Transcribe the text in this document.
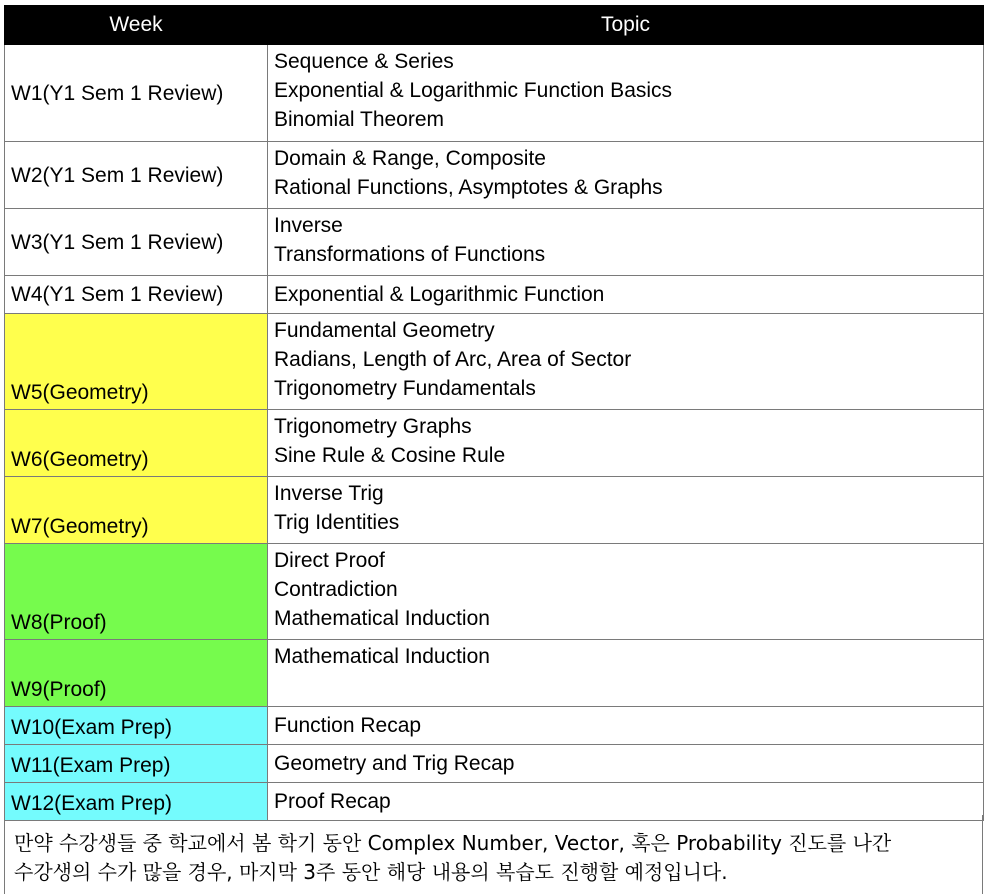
Week	Topic
W1(Y1 Sem 1 Review)	Sequence & Series
Exponential & Logarithmic Function Basics
Binomial Theorem

W2(Y1 Sem 1 Review)	Domain & Range, Composite
Rational Functions, Asymptotes & Graphs

W3(Y1 Sem 1 Review)	Inverse
Transformations of Functions

W4(Y1 Sem 1 Review)	Exponential & Logarithmic Function

W5(Geometry)	Fundamental Geometry
Radians, Length of Arc, Area of Sector
Trigonometry Fundamentals

W6(Geometry)	Trigonometry Graphs
Sine Rule & Cosine Rule

W7(Geometry)	Inverse Trig
Trig Identities

W8(Proof)	Direct Proof
Contradiction
Mathematical Induction

W9(Proof)	Mathematical Induction

W10(Exam Prep)	Function Recap

W11(Exam Prep)	Geometry and Trig Recap

W12(Exam Prep)	Proof Recap
만약 수강생들 중 학교에서 봄 학기 동안 Complex Number, Vector, 혹은 Probability 진도를 나간
수강생의 수가 많을 경우, 마지막 3주 동안 해당 내용의 복습도 진행할 예정입니다.
